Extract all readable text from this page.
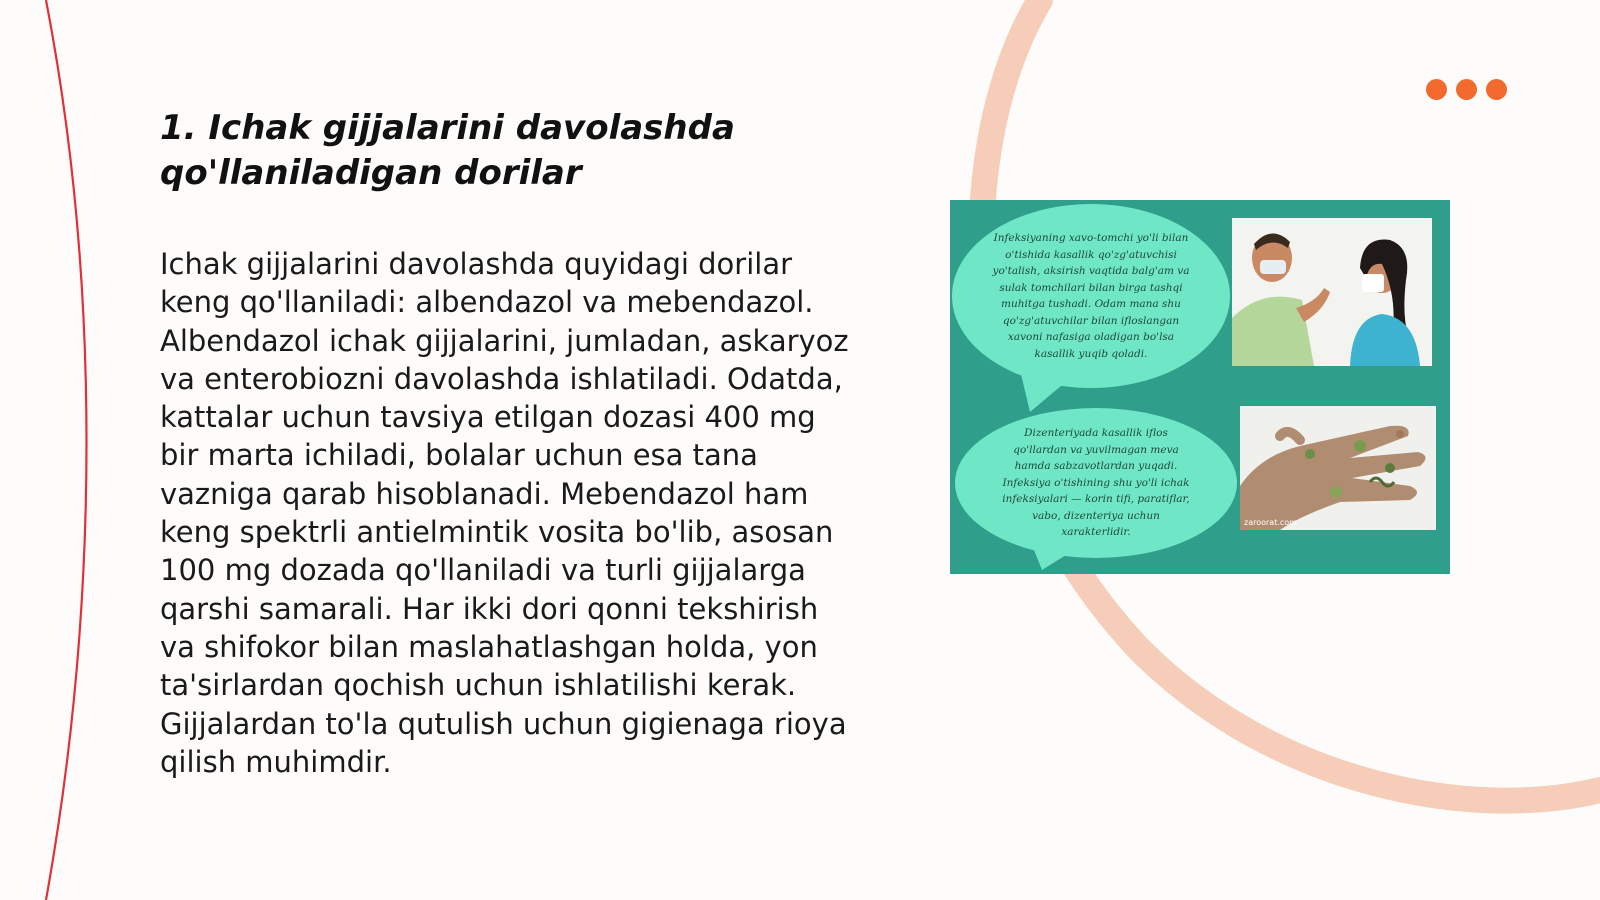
1. Ichak gijjalarini davolashda qo'llaniladigan dorilar

Ichak gijjalarini davolashda quyidagi dorilar keng qo'llaniladi: albendazol va mebendazol. Albendazol ichak gijjalarini, jumladan, askaryoz va enterobiozni davolashda ishlatiladi. Odatda, kattalar uchun tavsiya etilgan dozasi 400 mg bir marta ichiladi, bolalar uchun esa tana vazniga qarab hisoblanadi. Mebendazol ham keng spektrli antielmintik vosita bo'lib, asosan 100 mg dozada qo'llaniladi va turli gijjalarga qarshi samarali. Har ikki dori qonni tekshirish va shifokor bilan maslahatlashgan holda, yon ta'sirlardan qochish uchun ishlatilishi kerak. Gijjalardan to'la qutulish uchun gigienaga rioya qilish muhimdir.

Infeksiyaning xavo-tomchi yo'li bilan o'tishida kasallik qo'zg'atuvchisi yo'talish, aksirish vaqtida balg'am va sulak tomchilari bilan birga tashqi muhitga tushadi. Odam mana shu qo'zg'atuvchilar bilan ifloslangan xavoni nafasiga oladigan bo'lsa kasallik yuqib qoladi.

Dizenteriyada kasallik iflos qo'llardan va yuvilmagan meva hamda sabzavotlardan yuqadi. Infeksiya o'tishining shu yo'li ichak infeksiyalari — korin tifi, paratiflar, vabo, dizenteriya uchun xarakterlidir.

zaroorat.com
